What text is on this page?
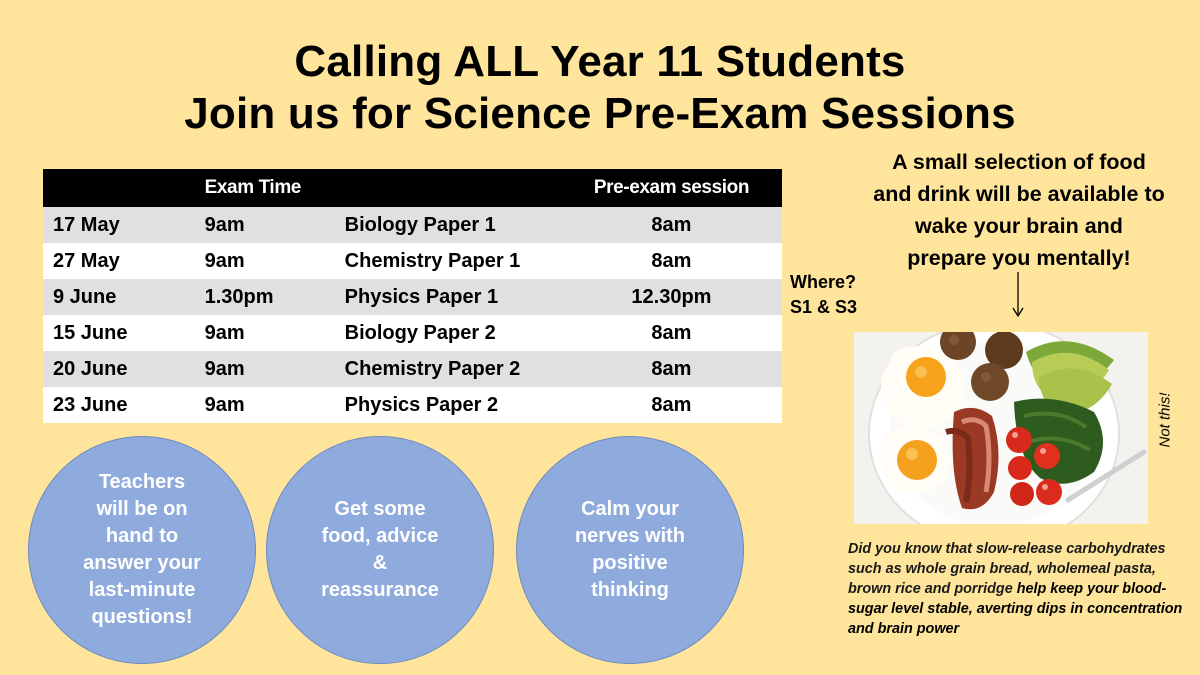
Calling ALL Year 11 Students
Join us for Science Pre-Exam Sessions
	Exam Time		Pre-exam session
17 May	9am	Biology Paper 1	8am
27 May	9am	Chemistry Paper 1	8am
9 June	1.30pm	Physics Paper 1	12.30pm
15 June	9am	Biology Paper 2	8am
20 June	9am	Chemistry Paper 2	8am
23 June	9am	Physics Paper 2	8am
Teachers
will be on
hand to
answer your
last-minute
questions!
Get some
food, advice
&
reassurance
Calm your
nerves with
positive
thinking
A small selection of food
and drink will be available to
wake your brain and
prepare you mentally!
Where?
S1 & S3
Not this!
Did you know that slow-release carbohydrates such as whole grain bread, wholemeal pasta, brown rice and porridge help keep your blood-sugar level stable, averting dips in concentration and brain power
